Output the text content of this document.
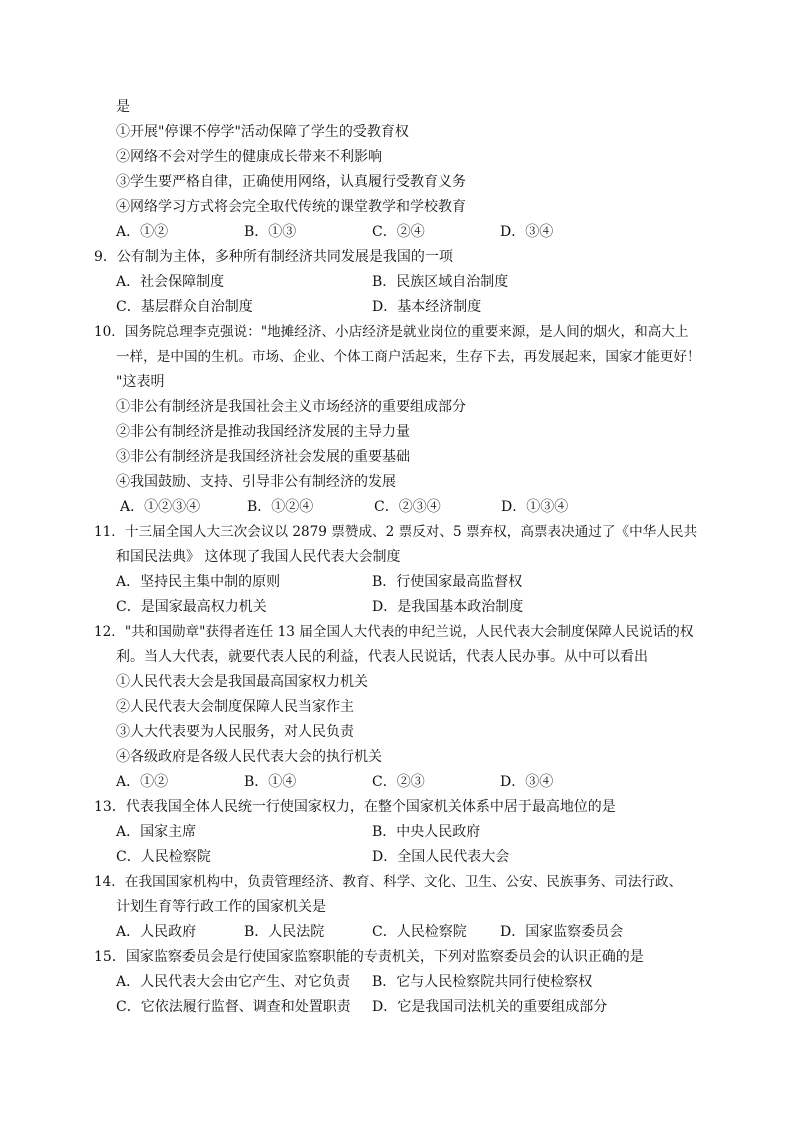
是
①开展"停课不停学"活动保障了学生的受教育权
②网络不会对学生的健康成长带来不利影响
③学生要严格自律，正确使用网络，认真履行受教育义务
④网络学习方式将会完全取代传统的课堂教学和学校教育
A．①②	B．①③	C．②④	D．③④
9．公有制为主体，多种所有制经济共同发展是我国的一项
A．社会保障制度	B．民族区域自治制度
C．基层群众自治制度	D．基本经济制度
10．国务院总理李克强说："地摊经济、小店经济是就业岗位的重要来源，是人间的烟火，和高大上
一样，是中国的生机。市场、企业、个体工商户活起来，生存下去，再发展起来，国家才能更好！
"这表明
①非公有制经济是我国社会主义市场经济的重要组成部分
②非公有制经济是推动我国经济发展的主导力量
③非公有制经济是我国经济社会发展的重要基础
④我国鼓励、支持、引导非公有制经济的发展
A．①②③④	B．①②④	C．②③④	D．①③④
11．十三届全国人大三次会议以 2879 票赞成、2 票反对、5 票弃权，高票表决通过了《中华人民共
和国民法典》 这体现了我国人民代表大会制度
A．坚持民主集中制的原则	B．行使国家最高监督权
C．是国家最高权力机关	D．是我国基本政治制度
12．"共和国勋章"获得者连任 13 届全国人大代表的申纪兰说，人民代表大会制度保障人民说话的权
利。当人大代表，就要代表人民的利益，代表人民说话，代表人民办事。从中可以看出
①人民代表大会是我国最高国家权力机关
②人民代表大会制度保障人民当家作主
③人大代表要为人民服务，对人民负责
④各级政府是各级人民代表大会的执行机关
A．①②	B．①④	C．②③	D．③④
13．代表我国全体人民统一行使国家权力，在整个国家机关体系中居于最高地位的是
A．国家主席	B．中央人民政府
C．人民检察院	D．全国人民代表大会
14．在我国国家机构中，负责管理经济、教育、科学、文化、卫生、公安、民族事务、司法行政、
计划生育等行政工作的国家机关是
A．人民政府	B．人民法院	C．人民检察院 D．国家监察委员会
15．国家监察委员会是行使国家监察职能的专责机关，下列对监察委员会的认识正确的是
A．人民代表大会由它产生、对它负责 B．它与人民检察院共同行使检察权
C．它依法履行监督、调查和处置职责 D．它是我国司法机关的重要组成部分
